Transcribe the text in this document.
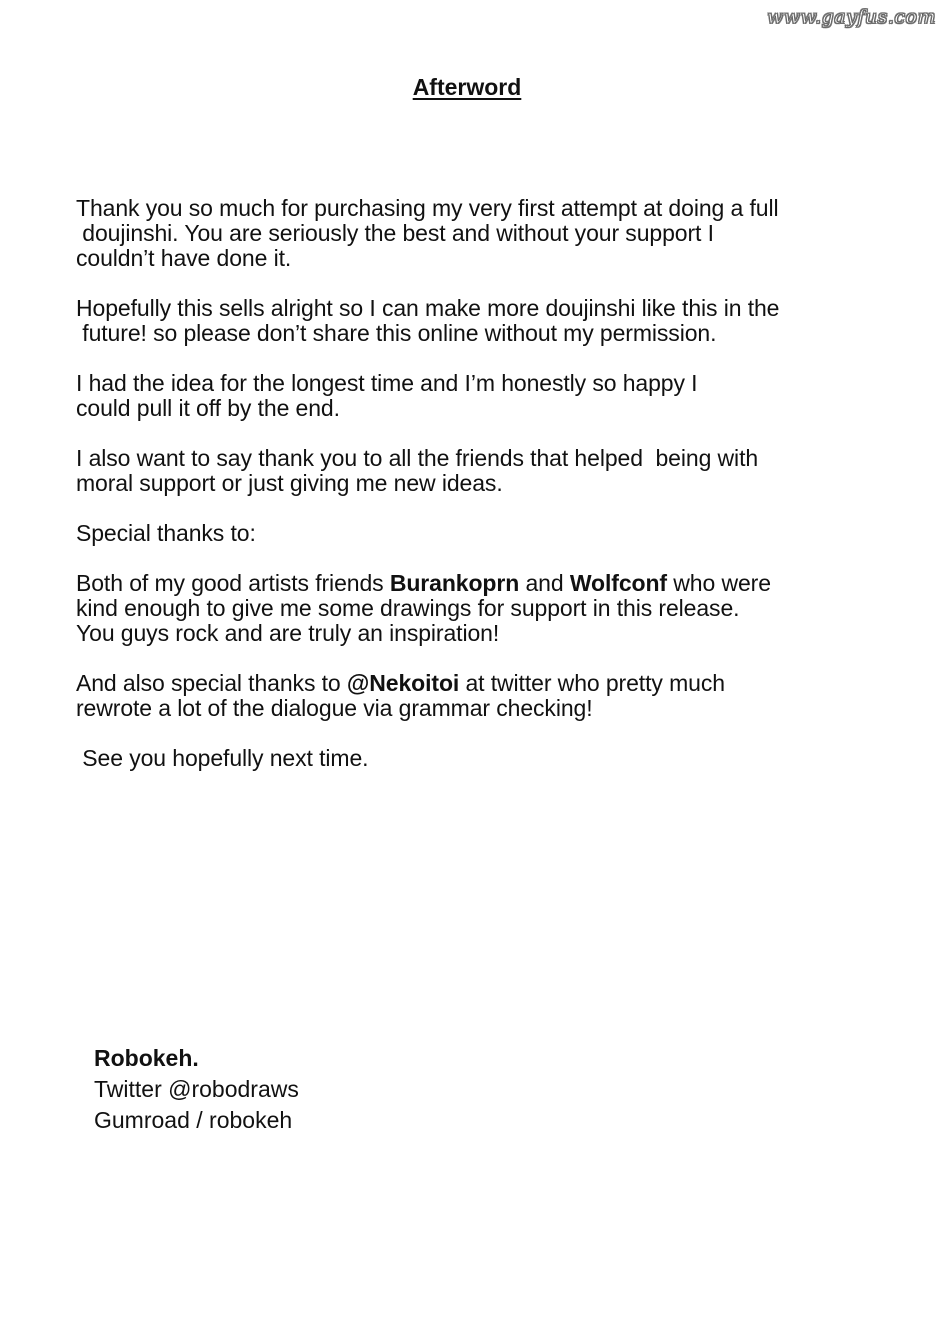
www.gayfus.com
Afterword

Thank you so much for purchasing my very first attempt at doing a full
doujinshi. You are seriously the best and without your support I
couldn’t have done it.

Hopefully this sells alright so I can make more doujinshi like this in the
future! so please don’t share this online without my permission.

I had the idea for the longest time and I’m honestly so happy I
could pull it off by the end.

I also want to say thank you to all the friends that helped  being with
moral support or just giving me new ideas.

Special thanks to:

Both of my good artists friends Burankoprn and Wolfconf who were
kind enough to give me some drawings for support in this release.
You guys rock and are truly an inspiration!

And also special thanks to @Nekoitoi at twitter who pretty much
rewrote a lot of the dialogue via grammar checking!

See you hopefully next time.

Robokeh.
Twitter @robodraws
Gumroad / robokeh
